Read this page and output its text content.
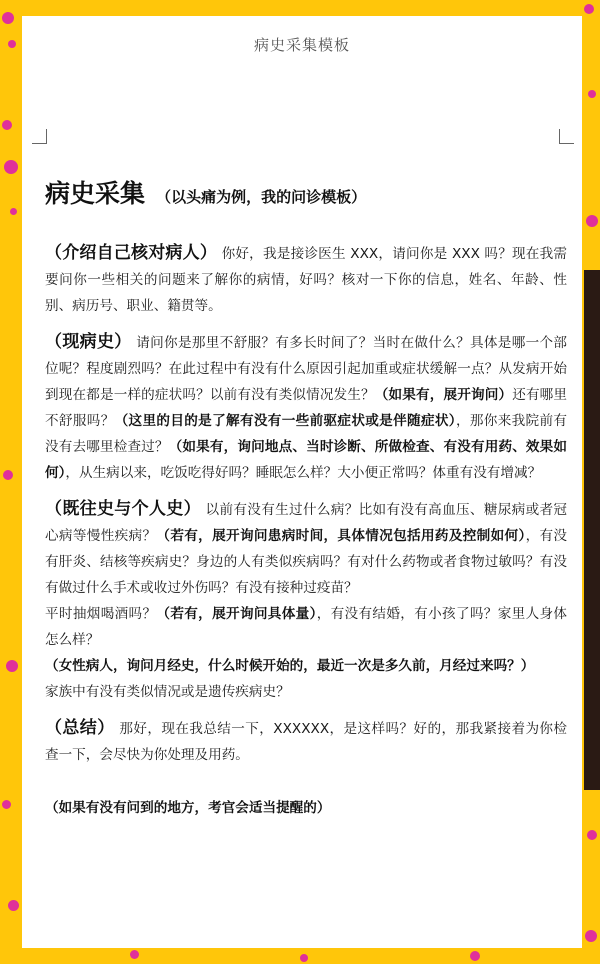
病史采集模板
病史采集 （以头痛为例，我的问诊模板）

（介绍自己核对病人） 你好，我是接诊医生 XXX，请问你是 XXX 吗？现在我需要问你一些相关的问题来了解你的病情，好吗？核对一下你的信息，姓名、年龄、性别、病历号、职业、籍贯等。

（现病史） 请问你是那里不舒服？有多长时间了？当时在做什么？具体是哪一个部位呢？程度剧烈吗？在此过程中有没有什么原因引起加重或症状缓解一点？从发病开始到现在都是一样的症状吗？以前有没有类似情况发生？（如果有，展开询问）还有哪里不舒服吗？（这里的目的是了解有没有一些前驱症状或是伴随症状），那你来我院前有没有去哪里检查过？（如果有，询问地点、当时诊断、所做检查、有没有用药、效果如何），从生病以来，吃饭吃得好吗？睡眠怎么样？大小便正常吗？体重有没有增减？

（既往史与个人史） 以前有没有生过什么病？比如有没有高血压、糖尿病或者冠心病等慢性疾病？（若有，展开询问患病时间，具体情况包括用药及控制如何），有没有肝炎、结核等疾病史？身边的人有类似疾病吗？有对什么药物或者食物过敏吗？有没有做过什么手术或收过外伤吗？有没有接种过疫苗？
平时抽烟喝酒吗？（若有，展开询问具体量），有没有结婚，有小孩了吗？家里人身体怎么样？
（女性病人，询问月经史，什么时候开始的，最近一次是多久前，月经过来吗？）
家族中有没有类似情况或是遗传疾病史？

（总结） 那好，现在我总结一下，XXXXXX，是这样吗？好的，那我紧接着为你检查一下，会尽快为你处理及用药。

（如果有没有问到的地方，考官会适当提醒的）
